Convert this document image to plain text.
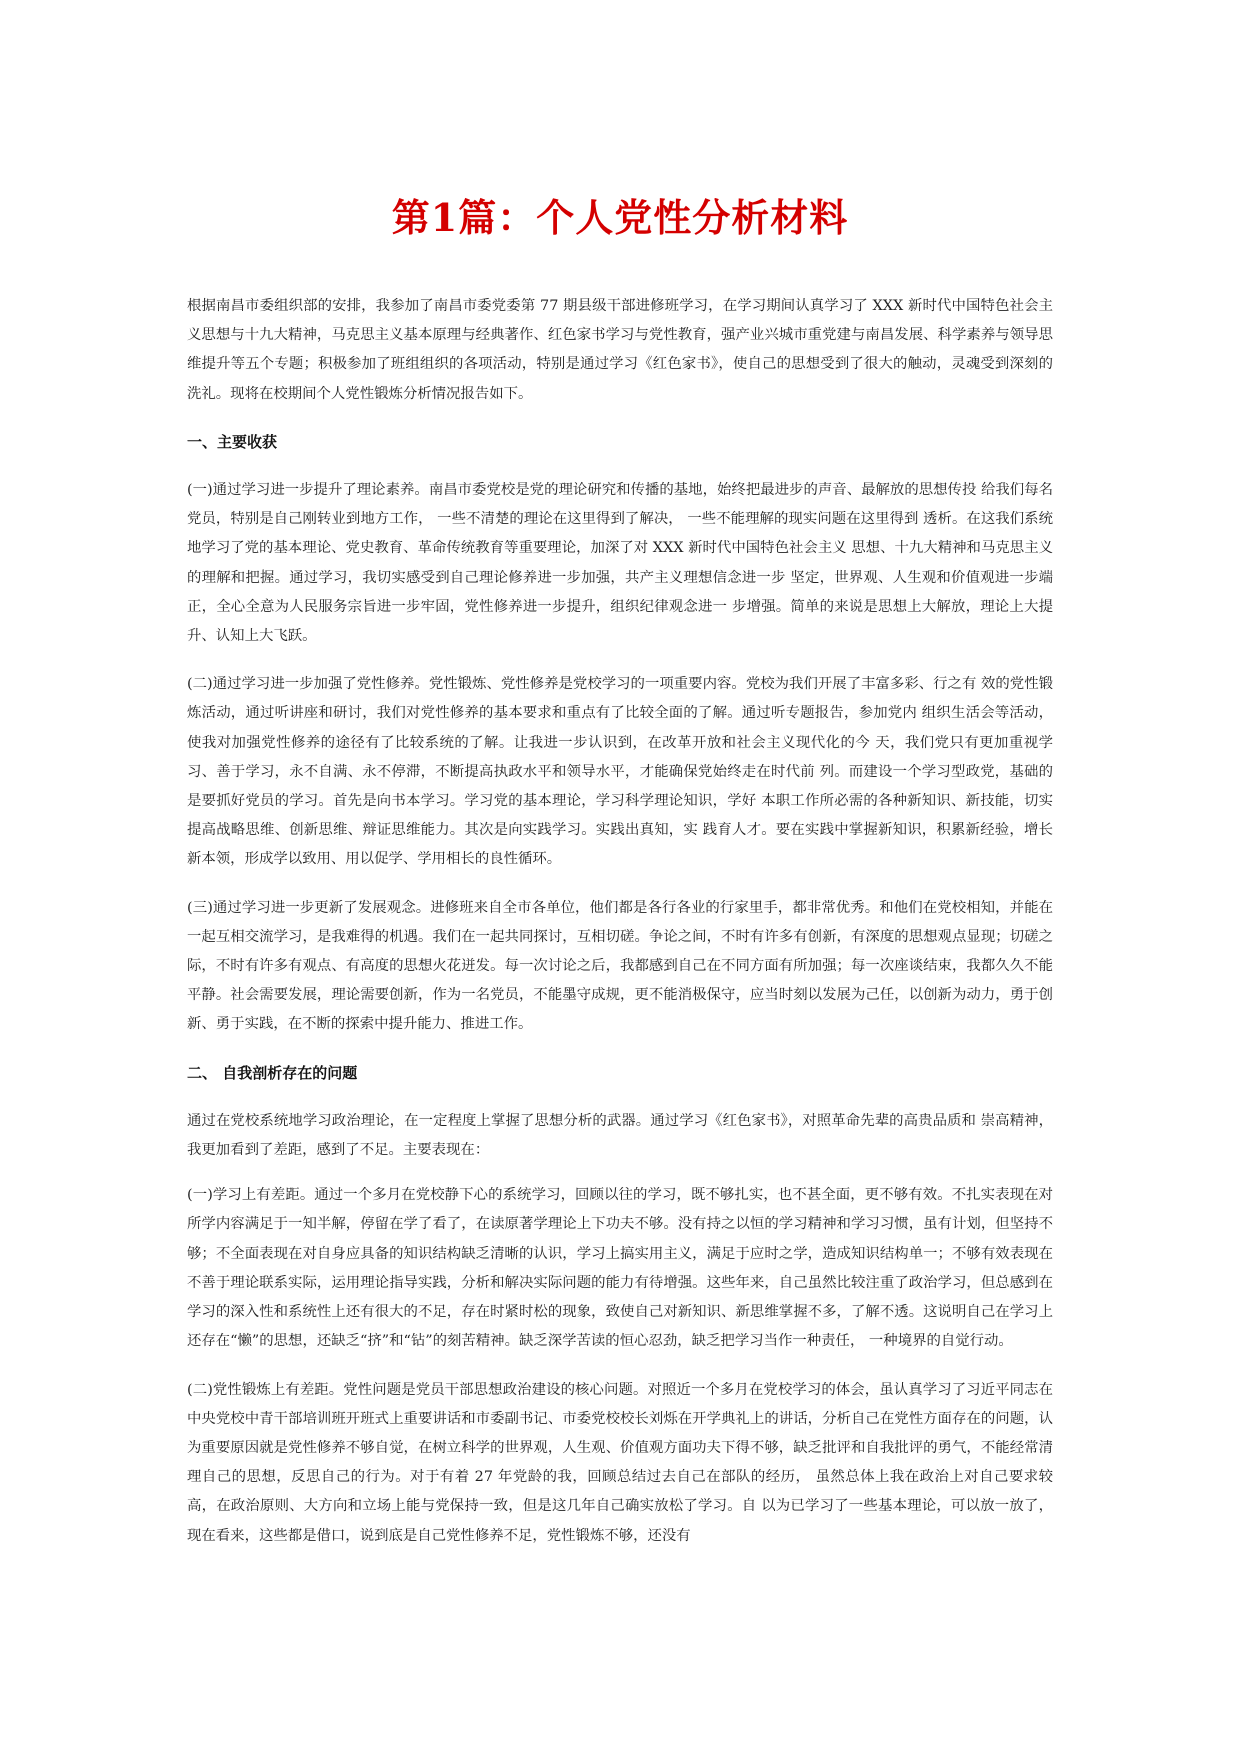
第1篇：个人党性分析材料

根据南昌市委组织部的安排，我参加了南昌市委党委第 77 期县级干部进修班学习，在学习期间认真学习了 XXX 新时代中国特色社会主义思想与十九大精神，马克思主义基本原理与经典著作、红色家书学习与党性教育，强产业兴城市重党建与南昌发展、科学素养与领导思维提升等五个专题；积极参加了班组组织的各项活动，特别是通过学习《红色家书》，使自己的思想受到了很大的触动，灵魂受到深刻的洗礼。现将在校期间个人党性锻炼分析情况报告如下。

一、主要收获

(一)通过学习进一步提升了理论素养。南昌市委党校是党的理论研究和传播的基地，始终把最进步的声音、最解放的思想传投 给我们每名党员，特别是自己刚转业到地方工作， 一些不清楚的理论在这里得到了解决， 一些不能理解的现实问题在这里得到 透析。在这我们系统地学习了党的基本理论、党史教育、革命传统教育等重要理论，加深了对 XXX 新时代中国特色社会主义 思想、十九大精神和马克思主义的理解和把握。通过学习，我切实感受到自己理论修养进一步加强，共产主义理想信念进一步 坚定，世界观、人生观和价值观进一步端正，全心全意为人民服务宗旨进一步牢固，党性修养进一步提升，组织纪律观念进一 步增强。简单的来说是思想上大解放，理论上大提升、认知上大飞跃。

(二)通过学习进一步加强了党性修养。党性锻炼、党性修养是党校学习的一项重要内容。党校为我们开展了丰富多彩、行之有 效的党性锻炼活动，通过听讲座和研讨，我们对党性修养的基本要求和重点有了比较全面的了解。通过听专题报告，参加党内 组织生活会等活动，使我对加强党性修养的途径有了比较系统的了解。让我进一步认识到，在改革开放和社会主义现代化的今 天，我们党只有更加重视学习、善于学习，永不自满、永不停滞，不断提高执政水平和领导水平，才能确保党始终走在时代前 列。而建设一个学习型政党，基础的是要抓好党员的学习。首先是向书本学习。学习党的基本理论，学习科学理论知识，学好 本职工作所必需的各种新知识、新技能，切实提高战略思维、创新思维、辩证思维能力。其次是向实践学习。实践出真知，实 践育人才。要在实践中掌握新知识，积累新经验，增长新本领，形成学以致用、用以促学、学用相长的良性循环。

(三)通过学习进一步更新了发展观念。进修班来自全市各单位，他们都是各行各业的行家里手，都非常优秀。和他们在党校相知，并能在一起互相交流学习，是我难得的机遇。我们在一起共同探讨，互相切磋。争论之间，不时有许多有创新，有深度的思想观点显现；切磋之际，不时有许多有观点、有高度的思想火花迸发。每一次讨论之后，我都感到自己在不同方面有所加强；每一次座谈结束，我都久久不能平静。社会需要发展，理论需要创新，作为一名党员，不能墨守成规，更不能消极保守，应当时刻以发展为己任，以创新为动力，勇于创新、勇于实践，在不断的探索中提升能力、推进工作。

二、 自我剖析存在的问题

通过在党校系统地学习政治理论，在一定程度上掌握了思想分析的武器。通过学习《红色家书》，对照革命先辈的高贵品质和 崇高精神，我更加看到了差距，感到了不足。主要表现在：

(一)学习上有差距。通过一个多月在党校静下心的系统学习，回顾以往的学习，既不够扎实，也不甚全面，更不够有效。不扎实表现在对所学内容满足于一知半解，停留在学了看了，在读原著学理论上下功夫不够。没有持之以恒的学习精神和学习习惯，虽有计划，但坚持不够；不全面表现在对自身应具备的知识结构缺乏清晰的认识，学习上搞实用主义，满足于应时之学，造成知识结构单一；不够有效表现在不善于理论联系实际，运用理论指导实践，分析和解决实际问题的能力有待增强。这些年来，自己虽然比较注重了政治学习，但总感到在学习的深入性和系统性上还有很大的不足，存在时紧时松的现象，致使自己对新知识、新思维掌握不多，了解不透。这说明自己在学习上还存在“懒”的思想，还缺乏“挤”和“钻”的刻苦精神。缺乏深学苦读的恒心忍劲，缺乏把学习当作一种责任， 一种境界的自觉行动。

(二)党性锻炼上有差距。党性问题是党员干部思想政治建设的核心问题。对照近一个多月在党校学习的体会，虽认真学习了习近平同志在中央党校中青干部培训班开班式上重要讲话和市委副书记、市委党校校长刘烁在开学典礼上的讲话，分析自己在党性方面存在的问题，认为重要原因就是党性修养不够自觉，在树立科学的世界观，人生观、价值观方面功夫下得不够，缺乏批评和自我批评的勇气，不能经常清理自己的思想，反思自己的行为。对于有着 27 年党龄的我，回顾总结过去自己在部队的经历， 虽然总体上我在政治上对自己要求较高，在政治原则、大方向和立场上能与党保持一致，但是这几年自己确实放松了学习。自 以为已学习了一些基本理论，可以放一放了，现在看来，这些都是借口，说到底是自己党性修养不足，党性锻炼不够，还没有
